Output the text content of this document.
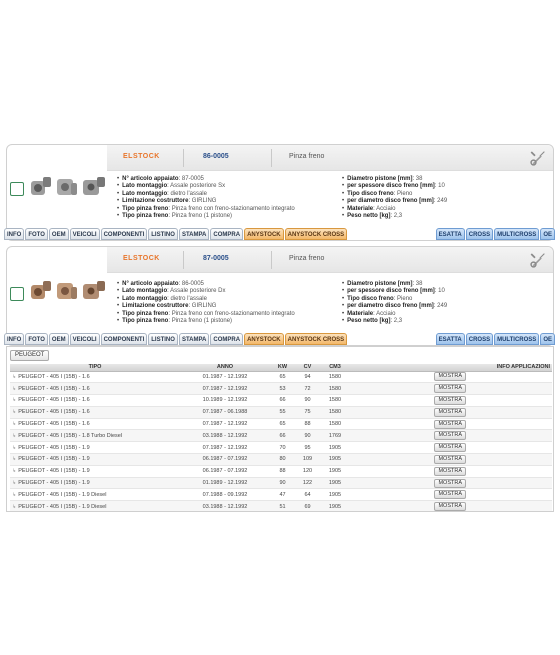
ELSTOCK	86-0005	Pinza freno
• N° articolo appaiato: 87-0005
• Lato montaggio: Assale posteriore Sx
• Lato montaggio: dietro l'assale
• Limitazione costruttore: GIRLING
• Tipo pinza freno: Pinza freno con freno-stazionamento integrato
• Tipo pinza freno: Pinza freno (1 pistone)
• Diametro pistone [mm]: 38
• per spessore disco freno [mm]: 10
• Tipo disco freno: Pieno
• per diametro disco freno [mm]: 249
• Materiale: Acciaio
• Peso netto [kg]: 2,3
INFO	FOTO	OEM	VEICOLI	COMPONENTI	LISTINO	STAMPA	COMPRA	ANYSTOCK	ANYSTOCK CROSS	ESATTA	CROSS	MULTICROSS	OE
ELSTOCK	87-0005	Pinza freno
• N° articolo appaiato: 86-0005
• Lato montaggio: Assale posteriore Dx
• Lato montaggio: dietro l'assale
• Limitazione costruttore: GIRLING
• Tipo pinza freno: Pinza freno con freno-stazionamento integrato
• Tipo pinza freno: Pinza freno (1 pistone)
• Diametro pistone [mm]: 38
• per spessore disco freno [mm]: 10
• Tipo disco freno: Pieno
• per diametro disco freno [mm]: 249
• Materiale: Acciaio
• Peso netto [kg]: 2,3
INFO	FOTO	OEM	VEICOLI	COMPONENTI	LISTINO	STAMPA	COMPRA	ANYSTOCK	ANYSTOCK CROSS	ESATTA	CROSS	MULTICROSS	OE
PEUGEOT
TIPO	ANNO	KW	CV	CM3	INFO APPLICAZIONI
↳ PEUGEOT - 405 I (15B) - 1.6	01.1987 - 12.1992	65	94	1580	MOSTRA
↳ PEUGEOT - 405 I (15B) - 1.6	07.1987 - 12.1992	53	72	1580	MOSTRA
↳ PEUGEOT - 405 I (15B) - 1.6	10.1989 - 12.1992	66	90	1580	MOSTRA
↳ PEUGEOT - 405 I (15B) - 1.6	07.1987 - 06.1988	55	75	1580	MOSTRA
↳ PEUGEOT - 405 I (15B) - 1.6	07.1987 - 12.1992	65	88	1580	MOSTRA
↳ PEUGEOT - 405 I (15B) - 1.8 Turbo Diesel	03.1988 - 12.1992	66	90	1769	MOSTRA
↳ PEUGEOT - 405 I (15B) - 1.9	07.1987 - 12.1992	70	95	1905	MOSTRA
↳ PEUGEOT - 405 I (15B) - 1.9	06.1987 - 07.1992	80	109	1905	MOSTRA
↳ PEUGEOT - 405 I (15B) - 1.9	06.1987 - 07.1992	88	120	1905	MOSTRA
↳ PEUGEOT - 405 I (15B) - 1.9	01.1989 - 12.1992	90	122	1905	MOSTRA
↳ PEUGEOT - 405 I (15B) - 1.9 Diesel	07.1988 - 09.1992	47	64	1905	MOSTRA
↳ PEUGEOT - 405 I (15B) - 1.9 Diesel	03.1988 - 12.1992	51	69	1905	MOSTRA
